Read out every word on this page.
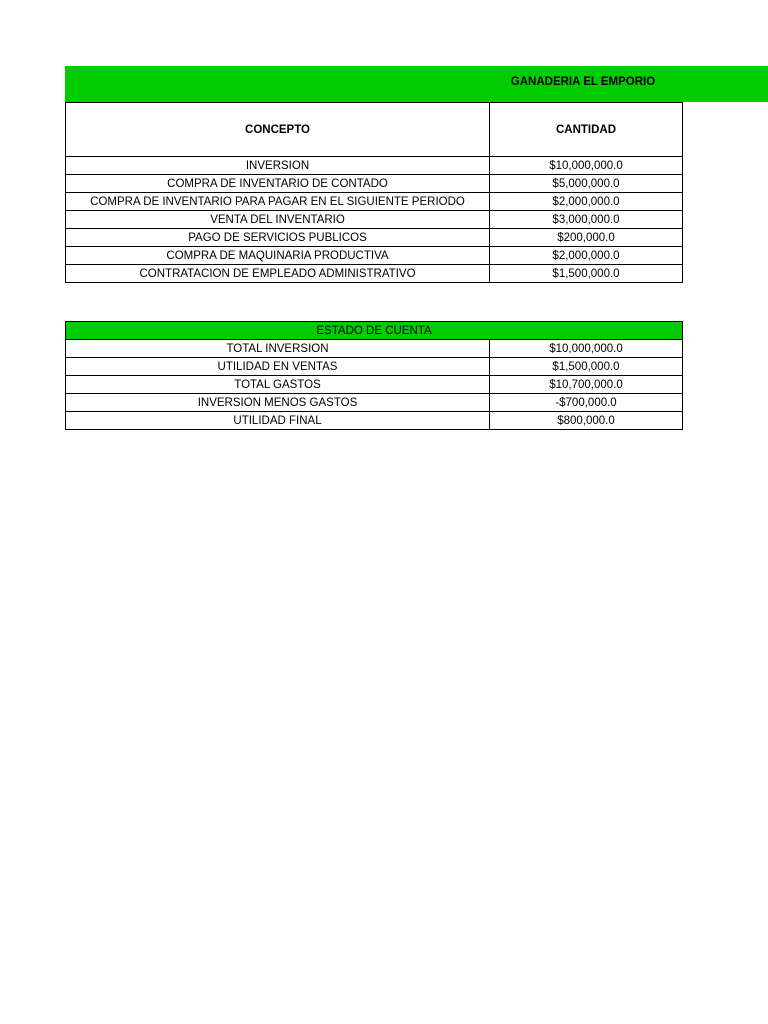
GANADERIA EL EMPORIO
CONCEPTO	CANTIDAD
INVERSION	$10,000,000.0
COMPRA DE INVENTARIO DE CONTADO	$5,000,000.0
COMPRA DE INVENTARIO PARA PAGAR EN EL SIGUIENTE PERIODO	$2,000,000.0
VENTA DEL INVENTARIO	$3,000,000.0
PAGO DE SERVICIOS PUBLICOS	$200,000.0
COMPRA DE MAQUINARIA PRODUCTIVA	$2,000,000.0
CONTRATACION DE EMPLEADO ADMINISTRATIVO	$1,500,000.0
ESTADO DE CUENTA	
TOTAL INVERSION	$10,000,000.0
UTILIDAD EN VENTAS	$1,500,000.0
TOTAL GASTOS	$10,700,000.0
INVERSION MENOS GASTOS	-$700,000.0
UTILIDAD FINAL	$800,000.0
